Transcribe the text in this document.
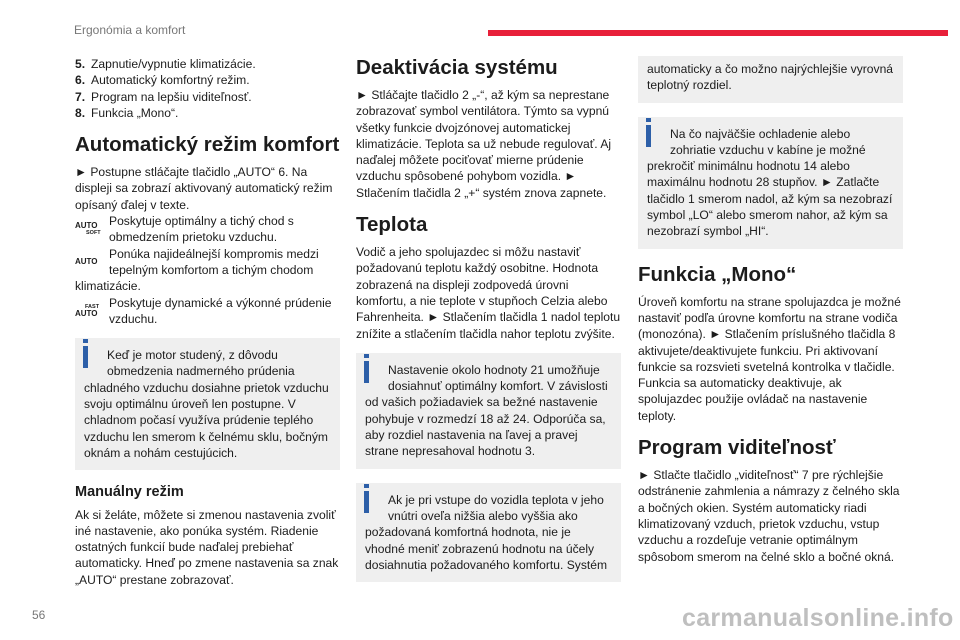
Ergonómia a komfort
5. Zapnutie/vypnutie klimatizácie.
6. Automatický komfortný režim.
7. Program na lepšiu viditeľnosť.
8. Funkcia „Mono“.
Automatický režim komfort

► Postupne stláčajte tlačidlo „AUTO“ 6. Na displeji sa zobrazí aktivovaný automatický režim opísaný ďalej v texte.

AUTO
SOFT
Poskytuje optimálny a tichý chod s obmedzením prietoku vzduchu.
AUTO
Ponúka najideálnejší kompromis medzi tepelným komfortom a tichým chodom

klimatizácie.

FAST
AUTO
Poskytuje dynamické a výkonné prúdenie vzduchu.

Keď je motor studený, z dôvodu obmedzenia nadmerného prúdenia

chladného vzduchu dosiahne prietok vzduchu svoju optimálnu úroveň len postupne. V chladnom počasí využíva prúdenie teplého vzduchu len smerom k čelnému sklu, bočným oknám a nohám cestujúcich.

Manuálny režim

Ak si želáte, môžete si zmenou nastavenia zvoliť iné nastavenie, ako ponúka systém. Riadenie ostatných funkcií bude naďalej prebiehať automaticky. Hneď po zmene nastavenia sa znak „AUTO“ prestane zobrazovať.

Deaktivácia systému

► Stláčajte tlačidlo 2 „-“, až kým sa neprestane zobrazovať symbol ventilátora. Týmto sa vypnú všetky funkcie dvojzónovej automatickej klimatizácie. Teplota sa už nebude regulovať. Aj naďalej môžete pociťovať mierne prúdenie vzduchu spôsobené pohybom vozidla. ► Stlačením tlačidla 2 „+“ systém znova zapnete.

Teplota

Vodič a jeho spolujazdec si môžu nastaviť požadovanú teplotu každý osobitne. Hodnota zobrazená na displeji zodpovedá úrovni komfortu, a nie teplote v stupňoch Celzia alebo Fahrenheita. ► Stlačením tlačidla 1 nadol teplotu znížite a stlačením tlačidla nahor teplotu zvýšite.

Nastavenie okolo hodnoty 21 umožňuje dosiahnuť optimálny komfort. V závislosti

od vašich požiadaviek sa bežné nastavenie pohybuje v rozmedzí 18 až 24. Odporúča sa, aby rozdiel nastavenia na ľavej a pravej strane nepresahoval hodnotu 3.

Ak je pri vstupe do vozidla teplota v jeho vnútri oveľa nižšia alebo vyššia ako

požadovaná komfortná hodnota, nie je vhodné meniť zobrazenú hodnotu na účely dosiahnutia požadovaného komfortu. Systém

automaticky a čo možno najrýchlejšie vyrovná teplotný rozdiel.

Na čo najväčšie ochladenie alebo zohriatie vzduchu v kabíne je možné

prekročiť minimálnu hodnotu 14 alebo maximálnu hodnotu 28 stupňov. ► Zatlačte tlačidlo 1 smerom nadol, až kým sa nezobrazí symbol „LO“ alebo smerom nahor, až kým sa nezobrazí symbol „HI“.

Funkcia „Mono“

Úroveň komfortu na strane spolujazdca je možné nastaviť podľa úrovne komfortu na strane vodiča (monozóna). ► Stlačením príslušného tlačidla 8 aktivujete/deaktivujete funkciu. Pri aktivovaní funkcie sa rozsvieti svetelná kontrolka v tlačidle. Funkcia sa automaticky deaktivuje, ak spolujazdec použije ovládač na nastavenie teploty.

Program viditeľnosť

► Stlačte tlačidlo „viditeľnosť“ 7 pre rýchlejšie odstránenie zahmlenia a námrazy z čelného skla a bočných okien. Systém automaticky riadi klimatizovaný vzduch, prietok vzduchu, vstup vzduchu a rozdeľuje vetranie optimálnym spôsobom smerom na čelné sklo a bočné okná.

56	carmanualsonline.info
